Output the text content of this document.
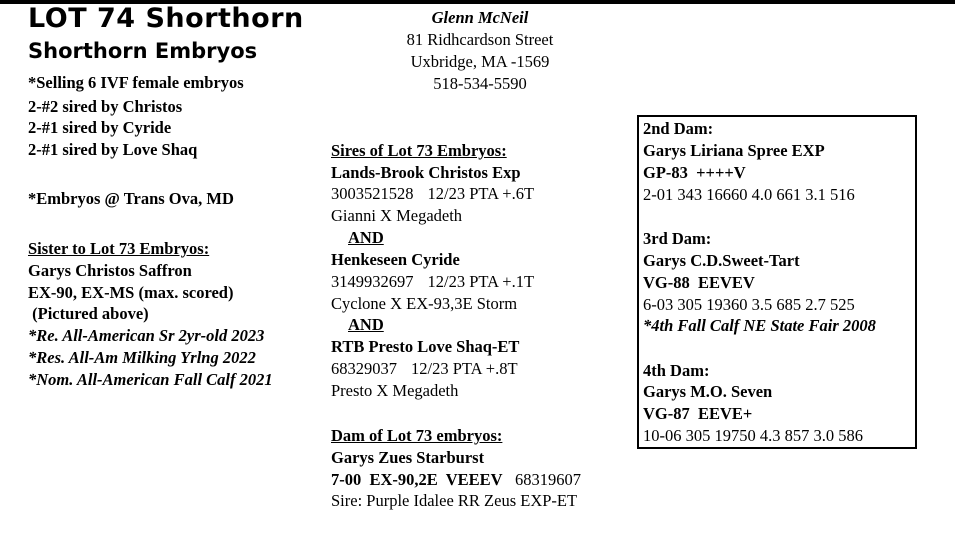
LOT 74 Shorthorn
Shorthorn Embryos
*Selling 6 IVF female embryos
2-#2 sired by Christos
2-#1 sired by Cyride
2-#1 sired by Love Shaq
*Embryos @ Trans Ova, MD
Sister to Lot 73 Embryos:
Garys Christos Saffron
EX-90, EX-MS (max. scored)
(Pictured above)
*Re. All-American Sr 2yr-old 2023
*Res. All-Am Milking Yrlng 2022
*Nom. All-American Fall Calf 2021
Glenn McNeil
81 Ridhcardson Street
Uxbridge, MA -1569
518-534-5590
Sires of Lot 73 Embryos:
Lands-Brook Christos Exp
3003521528 12/23 PTA +.6T
Gianni X Megadeth
AND
Henkeseen Cyride
3149932697 12/23 PTA +.1T
Cyclone X EX-93,3E Storm
AND
RTB Presto Love Shaq-ET
68329037 12/23 PTA +.8T
Presto X Megadeth
Dam of Lot 73 embryos:
Garys Zues Starburst
7-00  EX-90,2E  VEEEV 68319607
Sire: Purple Idalee RR Zeus EXP-ET
2nd Dam:
Garys Liriana Spree EXP
GP-83  ++++V
2-01 343 16660 4.0 661 3.1 516
3rd Dam:
Garys C.D.Sweet-Tart
VG-88  EEVEV
6-03 305 19360 3.5 685 2.7 525
*4th Fall Calf NE State Fair 2008
4th Dam:
Garys M.O. Seven
VG-87  EEVE+
10-06 305 19750 4.3 857 3.0 586
